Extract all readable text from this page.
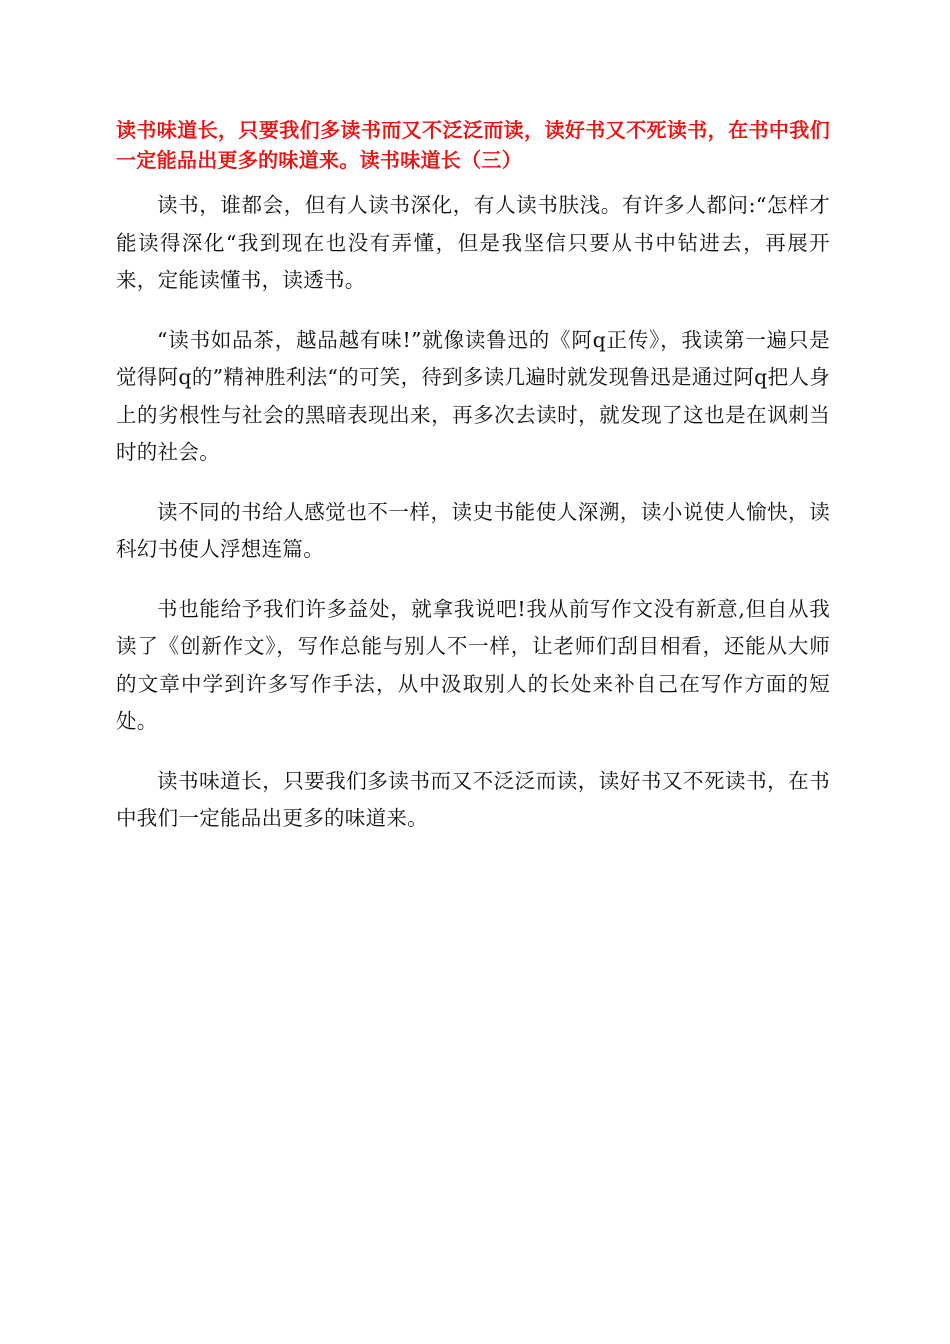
读书味道长，只要我们多读书而又不泛泛而读，读好书又不死读书，在书中我们一定能品出更多的味道来。读书味道长（三）

读书，谁都会，但有人读书深化，有人读书肤浅。有许多人都问:“怎样才能读得深化“我到现在也没有弄懂，但是我坚信只要从书中钻进去，再展开来，定能读懂书，读透书。

“读书如品茶，越品越有味!”就像读鲁迅的《阿q正传》，我读第一遍只是觉得阿q的”精神胜利法“的可笑，待到多读几遍时就发现鲁迅是通过阿q把人身上的劣根性与社会的黑暗表现出来，再多次去读时，就发现了这也是在讽刺当时的社会。

读不同的书给人感觉也不一样，读史书能使人深溯，读小说使人愉快，读科幻书使人浮想连篇。

书也能给予我们许多益处，就拿我说吧!我从前写作文没有新意,但自从我读了《创新作文》，写作总能与别人不一样，让老师们刮目相看，还能从大师的文章中学到许多写作手法，从中汲取别人的长处来补自己在写作方面的短处。

读书味道长，只要我们多读书而又不泛泛而读，读好书又不死读书，在书中我们一定能品出更多的味道来。
